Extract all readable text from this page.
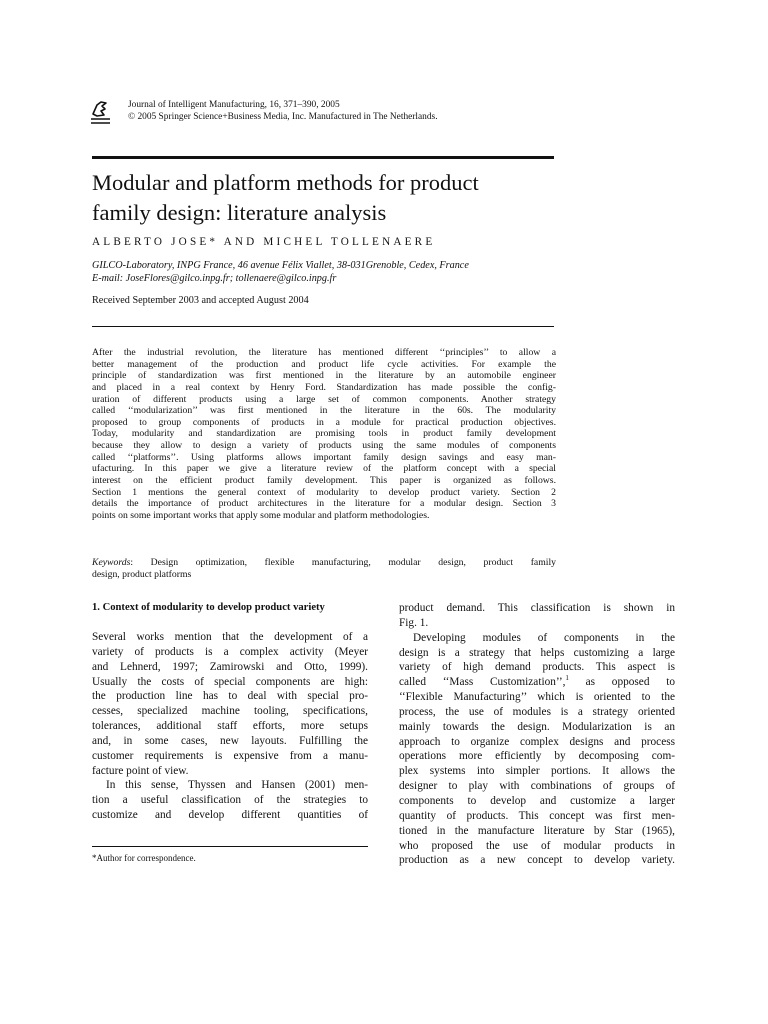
Journal of Intelligent Manufacturing, 16, 371–390, 2005
© 2005 Springer Science+Business Media, Inc. Manufactured in The Netherlands.
Modular and platform methods for product
family design: literature analysis
ALBERTO JOSE* AND MICHEL TOLLENAERE
GILCO-Laboratory, INPG France, 46 avenue Félix Viallet, 38-031Grenoble, Cedex, France
E-mail: JoseFlores@gilco.inpg.fr; tollenaere@gilco.inpg.fr
Received September 2003 and accepted August 2004
After the industrial revolution, the literature has mentioned different ‘‘principles’’ to allow a
better management of the production and product life cycle activities. For example the
principle of standardization was first mentioned in the literature by an automobile engineer
and placed in a real context by Henry Ford. Standardization has made possible the config-
uration of different products using a large set of common components. Another strategy
called ‘‘modularization’’ was first mentioned in the literature in the 60s. The modularity
proposed to group components of products in a module for practical production objectives.
Today, modularity and standardization are promising tools in product family development
because they allow to design a variety of products using the same modules of components
called ‘‘platforms’’. Using platforms allows important family design savings and easy man-
ufacturing. In this paper we give a literature review of the platform concept with a special
interest on the efficient product family development. This paper is organized as follows.
Section 1 mentions the general context of modularity to develop product variety. Section 2
details the importance of product architectures in the literature for a modular design. Section 3
points on some important works that apply some modular and platform methodologies.
Keywords: Design optimization, flexible manufacturing, modular design, product family
design, product platforms
1. Context of modularity to develop product variety
Several works mention that the development of a
variety of products is a complex activity (Meyer
and Lehnerd, 1997; Zamirowski and Otto, 1999).
Usually the costs of special components are high:
the production line has to deal with special pro-
cesses, specialized machine tooling, specifications,
tolerances, additional staff efforts, more setups
and, in some cases, new layouts. Fulfilling the
customer requirements is expensive from a manu-
facture point of view.
In this sense, Thyssen and Hansen (2001) men-
tion a useful classification of the strategies to
customize and develop different quantities of
*Author for correspondence.
product demand. This classification is shown in
Fig. 1.
Developing modules of components in the
design is a strategy that helps customizing a large
variety of high demand products. This aspect is
called ‘‘Mass Customization’’,$^1$ as opposed to
‘‘Flexible Manufacturing’’ which is oriented to the
process, the use of modules is a strategy oriented
mainly towards the design. Modularization is an
approach to organize complex designs and process
operations more efficiently by decomposing com-
plex systems into simpler portions. It allows the
designer to play with combinations of groups of
components to develop and customize a larger
quantity of products. This concept was first men-
tioned in the manufacture literature by Star (1965),
who proposed the use of modular products in
production as a new concept to develop variety.
